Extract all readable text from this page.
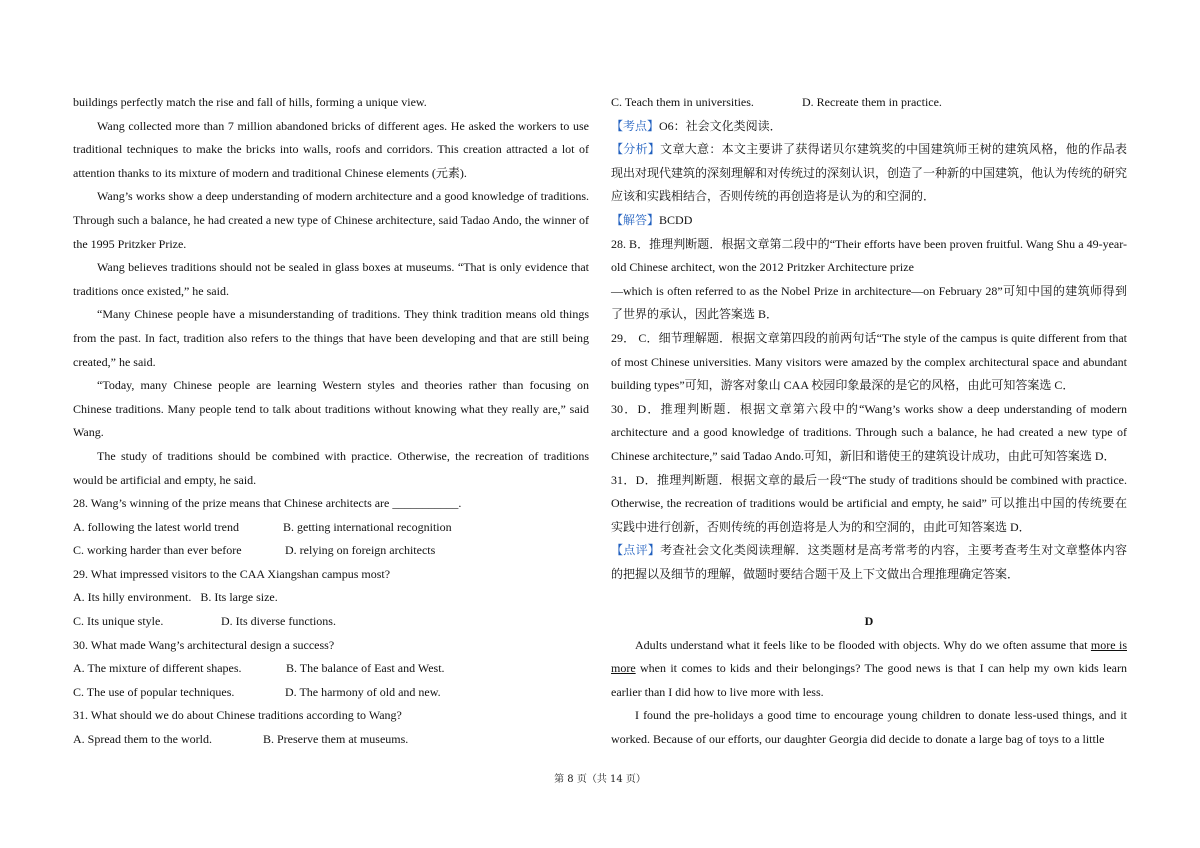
buildings perfectly match the rise and fall of hills, forming a unique view.

Wang collected more than 7 million abandoned bricks of different ages. He asked the workers to use traditional techniques to make the bricks into walls, roofs and corridors. This creation attracted a lot of attention thanks to its mixture of modern and traditional Chinese elements (元素).

Wang’s works show a deep understanding of modern architecture and a good knowledge of traditions. Through such a balance, he had created a new type of Chinese architecture, said Tadao Ando, the winner of the 1995 Pritzker Prize.

Wang believes traditions should not be sealed in glass boxes at museums. “That is only evidence that traditions once existed,” he said.

“Many Chinese people have a misunderstanding of traditions. They think tradition means old things from the past. In fact, tradition also refers to the things that have been developing and that are still being created,” he said.

“Today, many Chinese people are learning Western styles and theories rather than focusing on Chinese traditions. Many people tend to talk about traditions without knowing what they really are,” said Wang.

The study of traditions should be combined with practice. Otherwise, the recreation of traditions would be artificial and empty, he said.

28. Wang’s winning of the prize means that Chinese architects are ___________.

A. following the latest world trend	B. getting international recognition
C. working harder than ever before	D. relying on foreign architects

29. What impressed visitors to the CAA Xiangshan campus most?

A. Its hilly environment.   B. Its large size.

C. Its unique style.	D. Its diverse functions.

30. What made Wang’s architectural design a success?

A. The mixture of different shapes.	B. The balance of East and West.
C. The use of popular techniques.	D. The harmony of old and new.

31. What should we do about Chinese traditions according to Wang?

A. Spread them to the world.	B. Preserve them at museums.
C. Teach them in universities.	D. Recreate them in practice.

【考点】O6：社会文化类阅读．

【分析】文章大意：本文主要讲了获得诺贝尔建筑奖的中国建筑师王树的建筑风格，他的作品表现出对现代建筑的深刻理解和对传统过的深刻认识，创造了一种新的中国建筑，他认为传统的研究应该和实践相结合，否则传统的再创造将是认为的和空洞的．

【解答】BCDD

28. B．推理判断题．根据文章第二段中的“Their efforts have been proven fruitful. Wang Shu a 49-year-old Chinese architect, won the 2012 Pritzker Architecture prize

—which is often referred to as the Nobel Prize in architecture—on February 28”可知中国的建筑师得到了世界的承认，因此答案选 B．

29． C．细节理解题．根据文章第四段的前两句话“The style of the campus is quite different from that of most Chinese universities. Many visitors were amazed by the complex architectural space and abundant building types”可知，游客对象山 CAA 校园印象最深的是它的风格，由此可知答案选 C．

30．D．推理判断题．根据文章第六段中的“Wang’s works show a deep understanding of modern architecture and a good knowledge of traditions. Through such a balance, he had created a new type of Chinese architecture,” said Tadao Ando.可知，新旧和谐使王的建筑设计成功，由此可知答案选 D．

31．D．推理判断题．根据文章的最后一段“The study of traditions should be combined with practice. Otherwise, the recreation of traditions would be artificial and empty, he said” 可以推出中国的传统要在实践中进行创新，否则传统的再创造将是人为的和空洞的，由此可知答案选 D．

【点评】考查社会文化类阅读理解．这类题材是高考常考的内容，主要考查考生对文章整体内容的把握以及细节的理解，做题时要结合题干及上下文做出合理推理确定答案．

D

Adults understand what it feels like to be flooded with objects. Why do we often assume that more is more when it comes to kids and their belongings? The good news is that I can help my own kids learn earlier than I did how to live more with less.

I found the pre-holidays a good time to encourage young children to donate less-used things, and it worked. Because of our efforts, our daughter Georgia did decide to donate a large bag of toys to a little

第 8 页（共 14 页）
